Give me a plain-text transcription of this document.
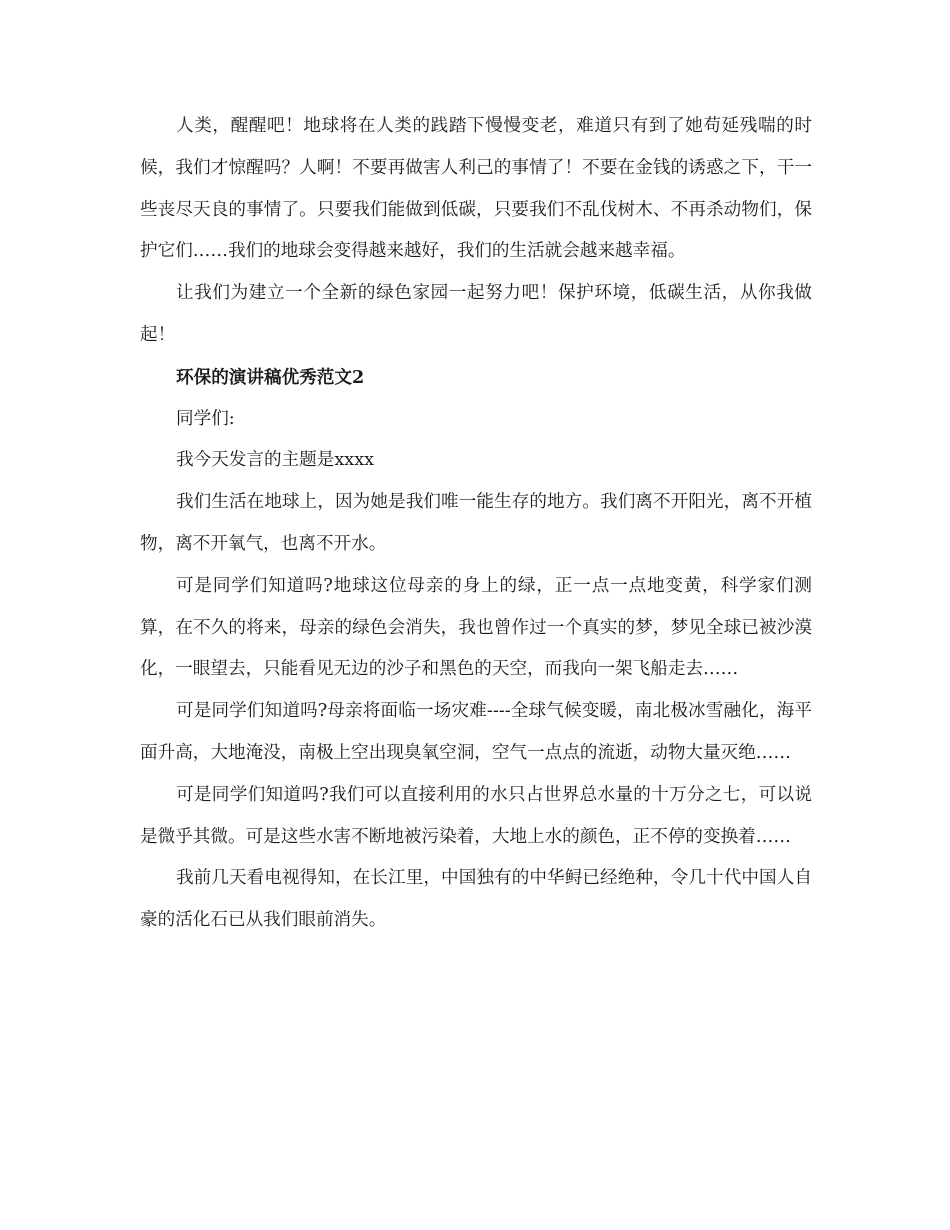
人类，醒醒吧！地球将在人类的践踏下慢慢变老，难道只有到了她苟延残喘的时候，我们才惊醒吗？人啊！不要再做害人利己的事情了！不要在金钱的诱惑之下，干一些丧尽天良的事情了。只要我们能做到低碳，只要我们不乱伐树木、不再杀动物们，保护它们……我们的地球会变得越来越好，我们的生活就会越来越幸福。

让我们为建立一个全新的绿色家园一起努力吧！保护环境，低碳生活，从你我做起！

环保的演讲稿优秀范文2

同学们:

我今天发言的主题是xxxx

我们生活在地球上，因为她是我们唯一能生存的地方。我们离不开阳光，离不开植物，离不开氧气，也离不开水。

可是同学们知道吗?地球这位母亲的身上的绿，正一点一点地变黄，科学家们测算，在不久的将来，母亲的绿色会消失，我也曾作过一个真实的梦，梦见全球已被沙漠化，一眼望去，只能看见无边的沙子和黑色的天空，而我向一架飞船走去……

可是同学们知道吗?母亲将面临一场灾难----全球气候变暖，南北极冰雪融化，海平面升高，大地淹没，南极上空出现臭氧空洞，空气一点点的流逝，动物大量灭绝……

可是同学们知道吗?我们可以直接利用的水只占世界总水量的十万分之七，可以说是微乎其微。可是这些水害不断地被污染着，大地上水的颜色，正不停的变换着……

我前几天看电视得知，在长江里，中国独有的中华鲟已经绝种，令几十代中国人自豪的活化石已从我们眼前消失。
